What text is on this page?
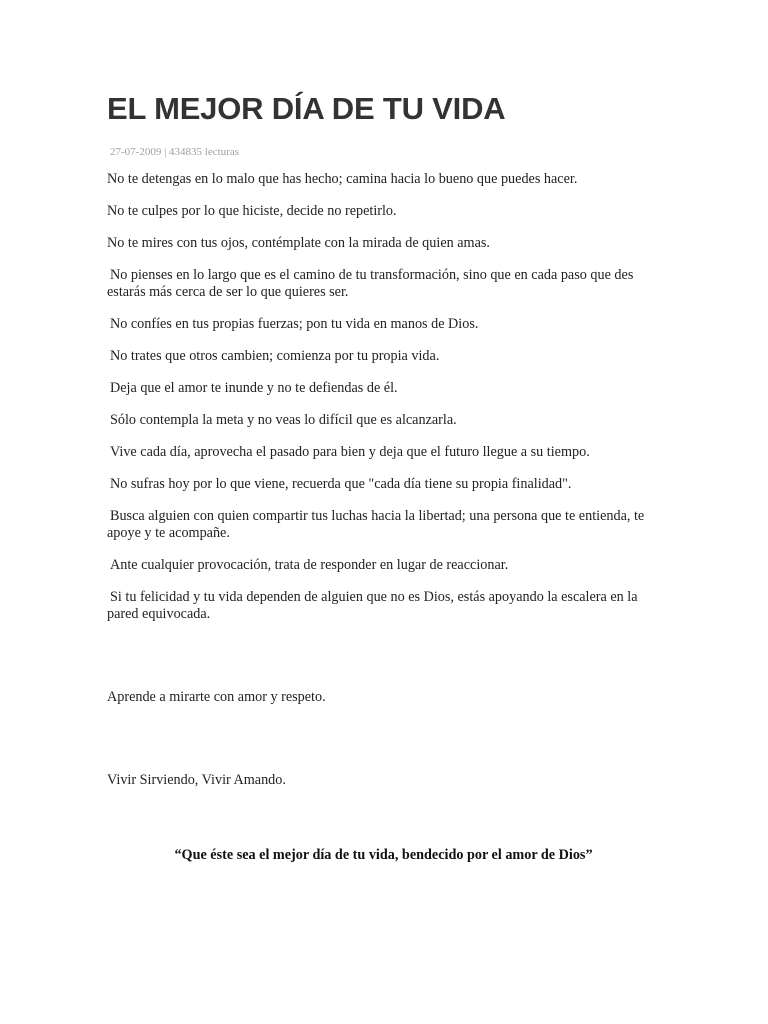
EL MEJOR DÍA DE TU VIDA
27-07-2009 | 434835 lecturas

No te detengas en lo malo que has hecho; camina hacia lo bueno que puedes hacer.

No te culpes por lo que hiciste, decide no repetirlo.

No te mires con tus ojos, contémplate con la mirada de quien amas.

No pienses en lo largo que es el camino de tu transformación, sino que en cada paso que des estarás más cerca de ser lo que quieres ser.

No confíes en tus propias fuerzas; pon tu vida en manos de Dios.

No trates que otros cambien; comienza por tu propia vida.

Deja que el amor te inunde y no te defiendas de él.

Sólo contempla la meta y no veas lo difícil que es alcanzarla.

Vive cada día, aprovecha el pasado para bien y deja que el futuro llegue a su tiempo.

No sufras hoy por lo que viene, recuerda que "cada día tiene su propia finalidad".

Busca alguien con quien compartir tus luchas hacia la libertad; una persona que te entienda, te apoye y te acompañe.

Ante cualquier provocación, trata de responder en lugar de reaccionar.

Si tu felicidad y tu vida dependen de alguien que no es Dios, estás apoyando la escalera en la pared equivocada.

Aprende a mirarte con amor y respeto.

Vivir Sirviendo, Vivir Amando.

“Que éste sea el mejor día de tu vida, bendecido por el amor de Dios”
